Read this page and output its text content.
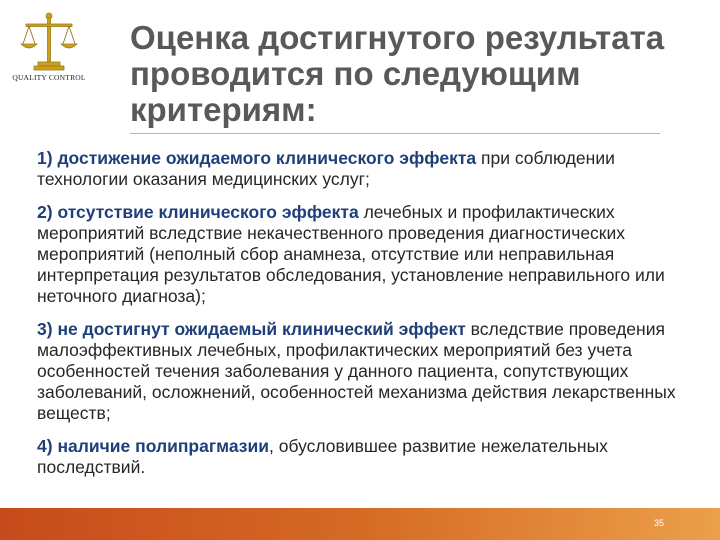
QUALITY CONTROL
Оценка достигнутого результата проводится по следующим критериям:

1) достижение ожидаемого клинического эффекта при соблюдении технологии оказания медицинских услуг;

2) отсутствие клинического эффекта лечебных и профилактических мероприятий вследствие некачественного проведения диагностических мероприятий (неполный сбор анамнеза, отсутствие или неправильная интерпретация результатов обследования, установление неправильного или неточного диагноза);

3) не достигнут ожидаемый клинический эффект вследствие проведения малоэффективных лечебных, профилактических мероприятий без учета особенностей течения заболевания у данного пациента, сопутствующих заболеваний, осложнений, особенностей механизма действия лекарственных веществ;

4) наличие полипрагмазии, обусловившее развитие нежелательных последствий.

35
